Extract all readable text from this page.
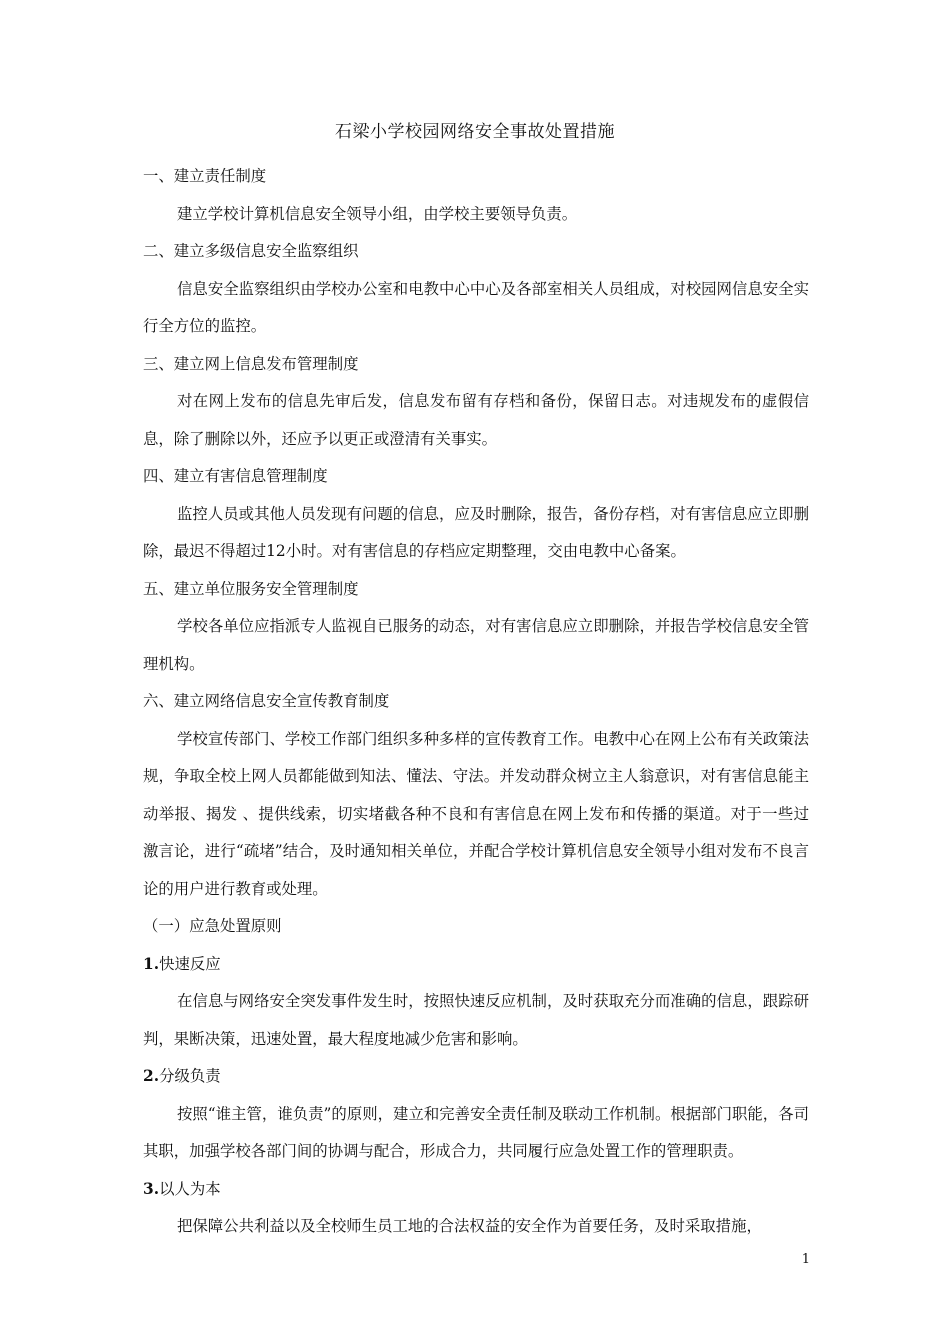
石梁小学校园网络安全事故处置措施

一、建立责任制度

建立学校计算机信息安全领导小组，由学校主要领导负责。

二、建立多级信息安全监察组织

信息安全监察组织由学校办公室和电教中心中心及各部室相关人员组成，对校园网信息安全实行全方位的监控。

三、建立网上信息发布管理制度

对在网上发布的信息先审后发，信息发布留有存档和备份，保留日志。对违规发布的虚假信息，除了删除以外，还应予以更正或澄清有关事实。

四、建立有害信息管理制度

监控人员或其他人员发现有问题的信息，应及时删除，报告，备份存档，对有害信息应立即删除，最迟不得超过12小时。对有害信息的存档应定期整理，交由电教中心备案。

五、建立单位服务安全管理制度

学校各单位应指派专人监视自已服务的动态，对有害信息应立即删除，并报告学校信息安全管理机构。

六、建立网络信息安全宣传教育制度

学校宣传部门、学校工作部门组织多种多样的宣传教育工作。电教中心在网上公布有关政策法规，争取全校上网人员都能做到知法、懂法、守法。并发动群众树立主人翁意识，对有害信息能主动举报、揭发 、提供线索，切实堵截各种不良和有害信息在网上发布和传播的渠道。对于一些过激言论，进行“疏堵”结合，及时通知相关单位，并配合学校计算机信息安全领导小组对发布不良言论的用户进行教育或处理。

（一）应急处置原则

1.快速反应

在信息与网络安全突发事件发生时，按照快速反应机制，及时获取充分而准确的信息，跟踪研判，果断决策，迅速处置，最大程度地减少危害和影响。

2.分级负责

按照“谁主管，谁负责”的原则，建立和完善安全责任制及联动工作机制。根据部门职能，各司其职，加强学校各部门间的协调与配合，形成合力，共同履行应急处置工作的管理职责。

3.以人为本

把保障公共利益以及全校师生员工地的合法权益的安全作为首要任务，及时采取措施，

1
